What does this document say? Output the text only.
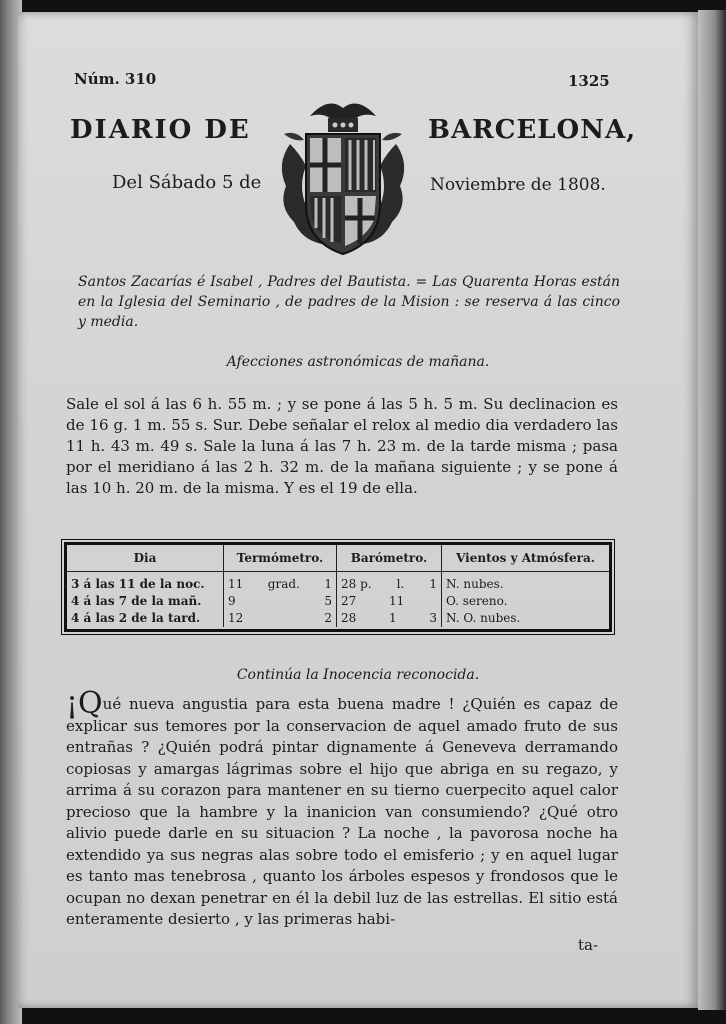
Núm. 310	1325
DIARIO DE	BARCELONA,
Del Sábado 5 de	Noviembre de 1808.
Santos Zacarías é Isabel , Padres del Bautista. = Las Quarenta Horas están en la Iglesia del Seminario , de padres de la Mision : se reserva á las cinco y media.
Afecciones astronómicas de mañana.
Sale el sol á las 6 h. 55 m. ; y se pone á las 5 h. 5 m. Su declinacion es de 16 g. 1 m. 55 s. Sur. Debe señalar el relox al medio dia verdadero las 11 h. 43 m. 49 s. Sale la luna á las 7 h. 23 m. de la tarde misma ; pasa por el meridiano á las 2 h. 32 m. de la mañana siguiente ; y se pone á las 10 h. 20 m. de la misma. Y es el 19 de ella.
Dia	Termómetro.	Barómetro.	Vientos y Atmósfera.
3 á las 11 de la noc.	11 grad. 1	28 p. l. 1	N. nubes.
4 á las 7 de la mañ.	9 5	27 11	O. sereno.
4 á las 2 de la tard.	12 2	28 1 3	N. O. nubes.
Continúa la Inocencia reconocida.
¡Qué nueva angustia para esta buena madre ! ¿Quién es capaz de explicar sus temores por la conservacion de aquel amado fruto de sus entrañas ? ¿Quién podrá pintar dignamente á Geneveva derramando copiosas y amargas lágrimas sobre el hijo que abriga en su regazo, y arrima á su corazon para mantener en su tierno cuerpecito aquel calor precioso que la hambre y la inanicion van consumiendo? ¿Qué otro alivio puede darle en su situacion ? La noche , la pavorosa noche ha extendido ya sus negras alas sobre todo el emisferio ; y en aquel lugar es tanto mas tenebrosa , quanto los árboles espesos y frondosos que le ocupan no dexan penetrar en él la debil luz de las estrellas. El sitio está enteramente desierto , y las primeras habi-
ta-
